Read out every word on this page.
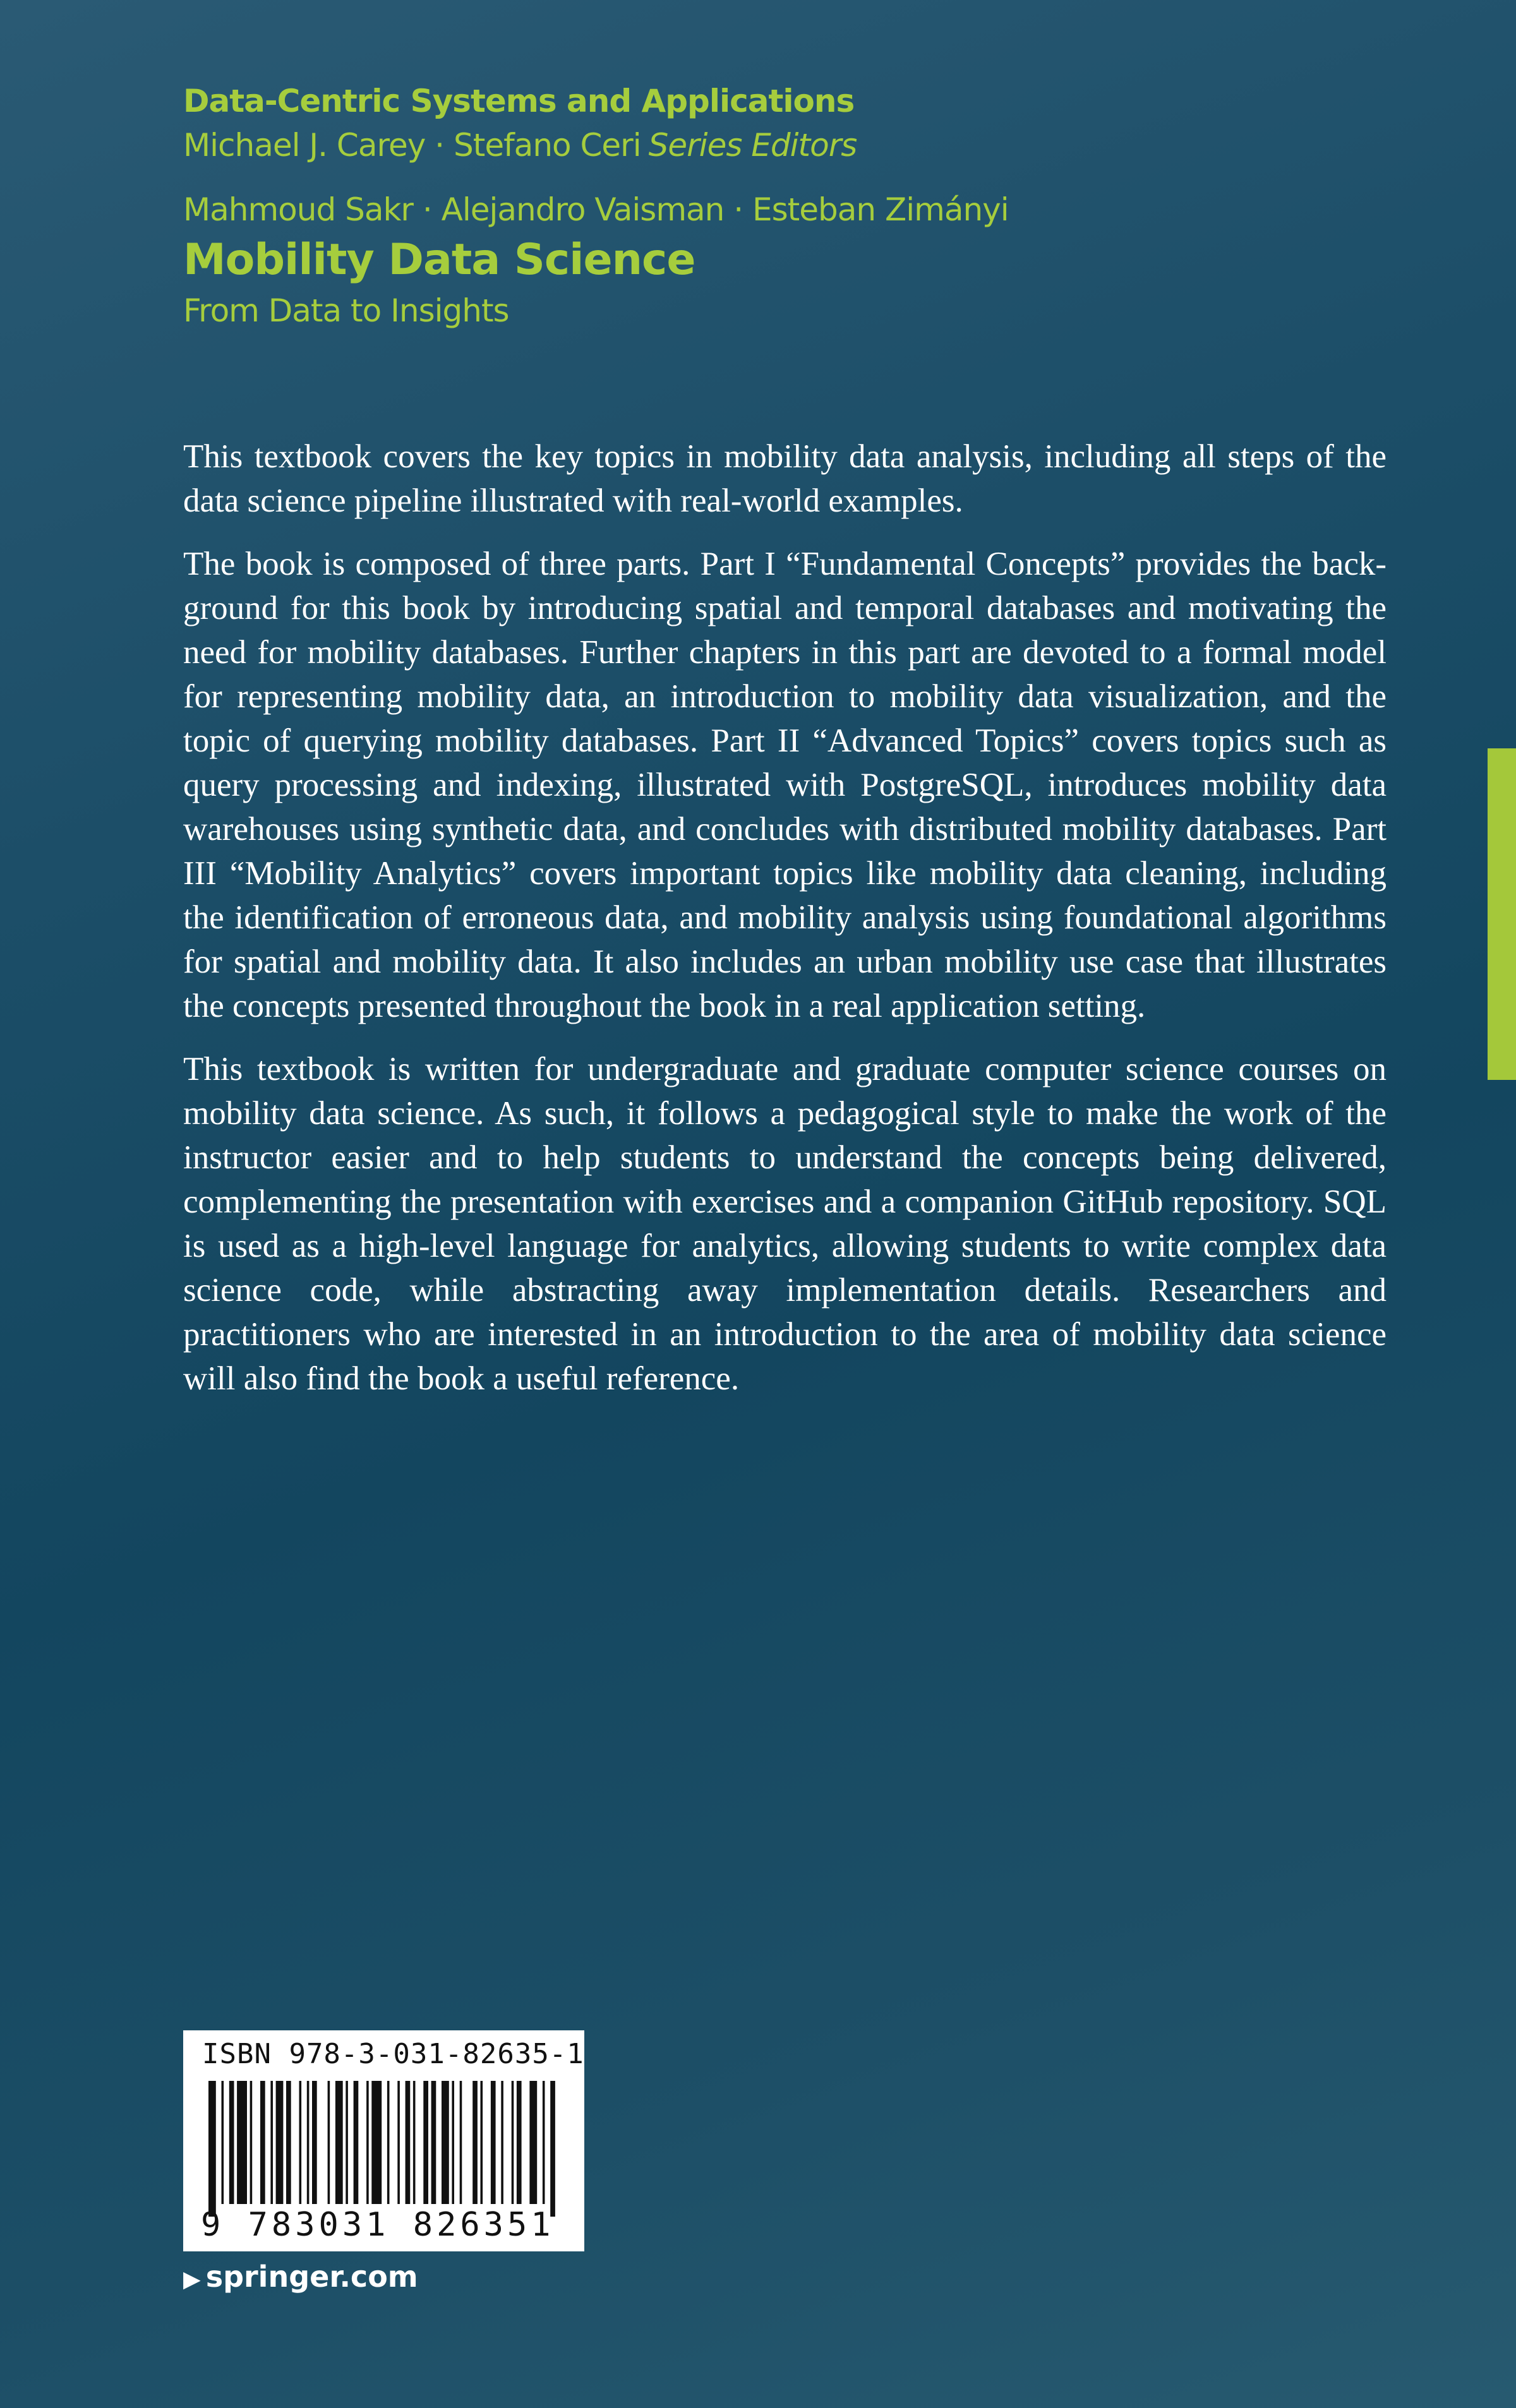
Data-Centric Systems and Applications
Michael J. Carey · Stefano Ceri Series Editors
Mahmoud Sakr · Alejandro Vaisman · Esteban Zimányi
Mobility Data Science
From Data to Insights

This textbook covers the key topics in mobility data analysis, including all steps of the data science pipeline illustrated with real-world examples.

The book is composed of three parts. Part I “Fundamental Concepts” provides the background for this book by introducing spatial and temporal databases and motivating the need for mobility databases. Further chapters in this part are devoted to a formal model for representing mobility data, an introduction to mobility data visualization, and the topic of querying mobility databases. Part II “Advanced Topics” covers topics such as query processing and indexing, illustrated with PostgreSQL, introduces mobility data warehouses using synthetic data, and concludes with distributed mobility databases. Part III “Mobility Analytics” covers important topics like mobility data cleaning, including the identification of erroneous data, and mobility analysis using foundational algorithms for spatial and mobility data. It also includes an urban mobility use case that illustrates the concepts presented throughout the book in a real application setting.

This textbook is written for undergraduate and graduate computer science courses on mobility data science. As such, it follows a pedagogical style to make the work of the instructor easier and to help students to understand the concepts being delivered, complementing the presentation with exercises and a companion GitHub repository. SQL is used as a high-level language for analytics, allowing students to write complex data science code, while abstracting away implementation details. Researchers and practitioners who are interested in an introduction to the area of mobility data science will also find the book a useful reference.

ISBN 978-3-031-82635-1
9 783031 826351
▶ springer.com
